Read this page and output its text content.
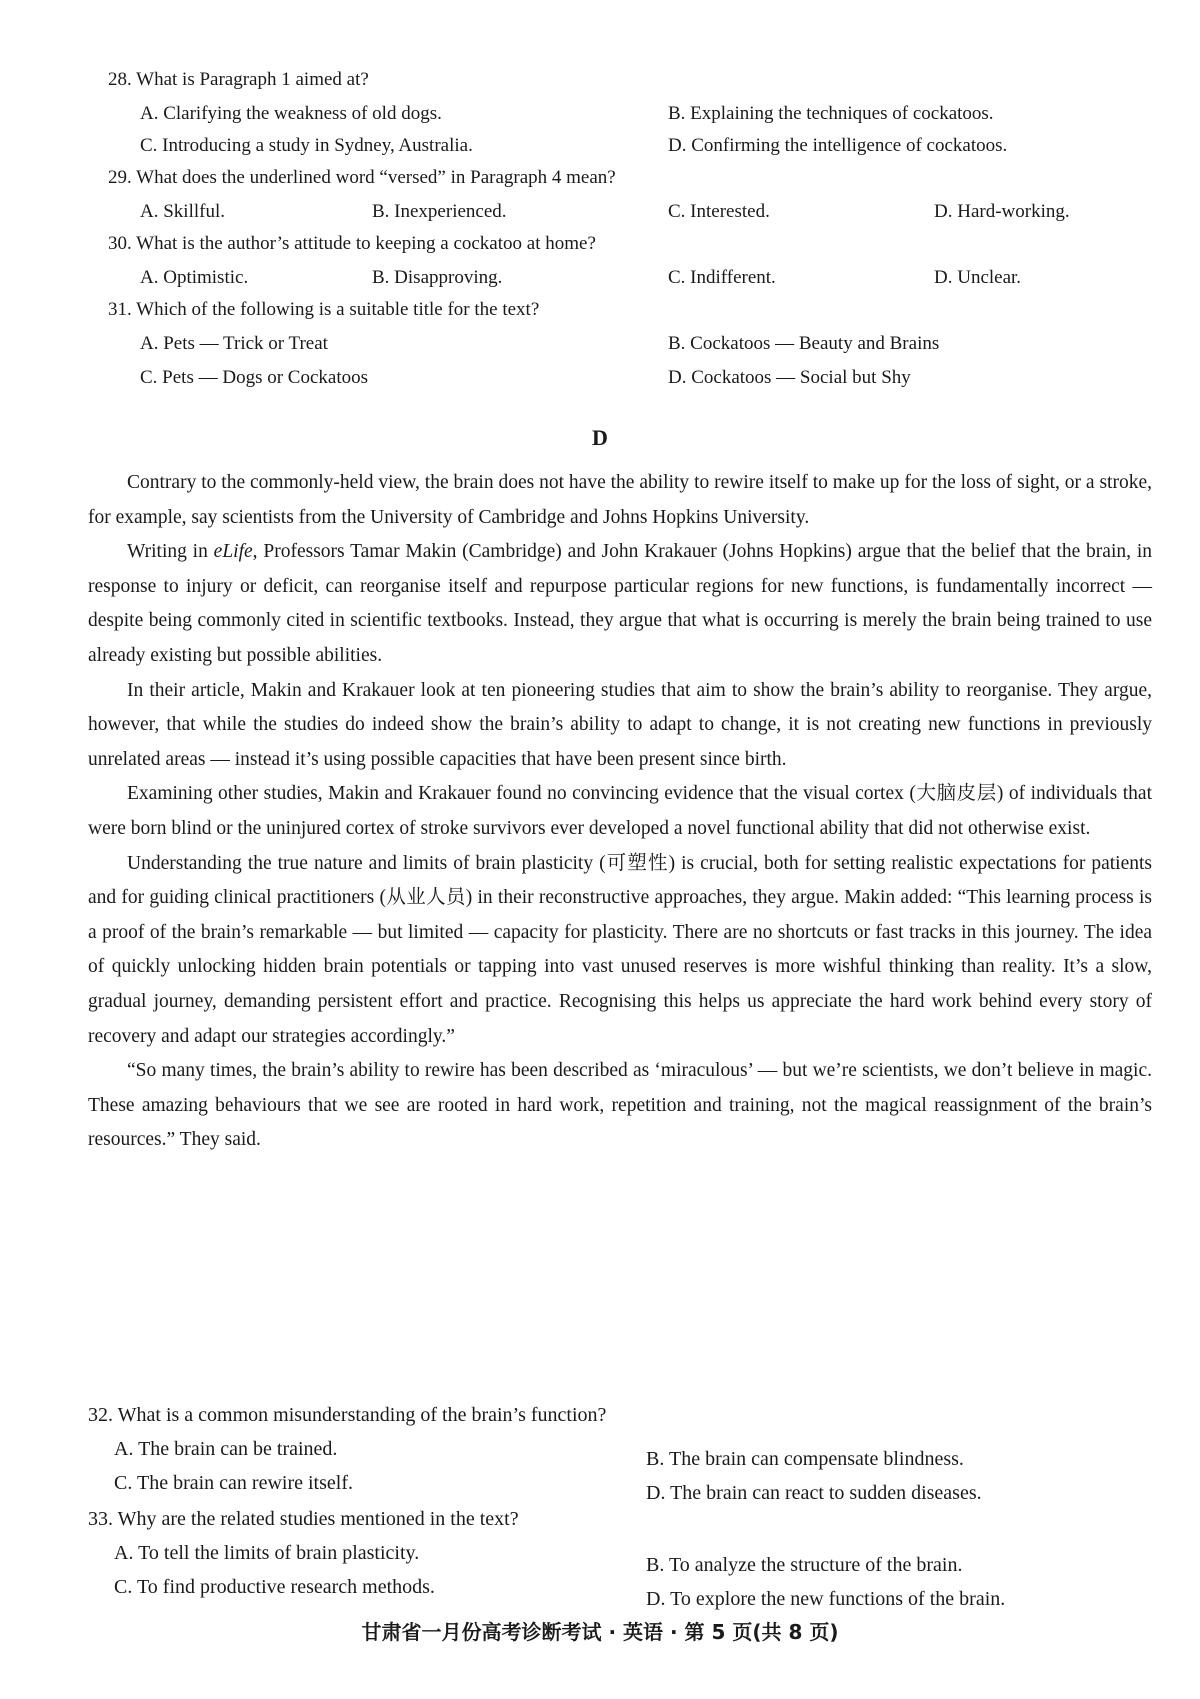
28. What is Paragraph 1 aimed at?
A. Clarifying the weakness of old dogs.	B. Explaining the techniques of cockatoos.
C. Introducing a study in Sydney, Australia.	D. Confirming the intelligence of cockatoos.
29. What does the underlined word “versed” in Paragraph 4 mean?
A. Skillful.	B. Inexperienced.	C. Interested.	D. Hard-working.
30. What is the author’s attitude to keeping a cockatoo at home?
A. Optimistic.	B. Disapproving.	C. Indifferent.	D. Unclear.
31. Which of the following is a suitable title for the text?
A. Pets — Trick or Treat	B. Cockatoos — Beauty and Brains
C. Pets — Dogs or Cockatoos	D. Cockatoos — Social but Shy
D

Contrary to the commonly-held view, the brain does not have the ability to rewire itself to make up for the loss of sight, or a stroke, for example, say scientists from the University of Cambridge and Johns Hopkins University.

Writing in eLife, Professors Tamar Makin (Cambridge) and John Krakauer (Johns Hopkins) argue that the belief that the brain, in response to injury or deficit, can reorganise itself and repurpose particular regions for new functions, is fundamentally incorrect — despite being commonly cited in scientific textbooks. Instead, they argue that what is occurring is merely the brain being trained to use already existing but possible abilities.

In their article, Makin and Krakauer look at ten pioneering studies that aim to show the brain’s ability to reorganise. They argue, however, that while the studies do indeed show the brain’s ability to adapt to change, it is not creating new functions in previously unrelated areas — instead it’s using possible capacities that have been present since birth.

Examining other studies, Makin and Krakauer found no convincing evidence that the visual cortex (大脑皮层) of individuals that were born blind or the uninjured cortex of stroke survivors ever developed a novel functional ability that did not otherwise exist.

Understanding the true nature and limits of brain plasticity (可塑性) is crucial, both for setting realistic expectations for patients and for guiding clinical practitioners (从业人员) in their reconstructive approaches, they argue. Makin added: “This learning process is a proof of the brain’s remarkable — but limited — capacity for plasticity. There are no shortcuts or fast tracks in this journey. The idea of quickly unlocking hidden brain potentials or tapping into vast unused reserves is more wishful thinking than reality. It’s a slow, gradual journey, demanding persistent effort and practice. Recognising this helps us appreciate the hard work behind every story of recovery and adapt our strategies accordingly.”

“So many times, the brain’s ability to rewire has been described as ‘miraculous’ — but we’re scientists, we don’t believe in magic. These amazing behaviours that we see are rooted in hard work, repetition and training, not the magical reassignment of the brain’s resources.” They said.

32. What is a common misunderstanding of the brain’s function?
A. The brain can be trained.	B. The brain can compensate blindness.
C. The brain can rewire itself.	D. The brain can react to sudden diseases.
33. Why are the related studies mentioned in the text?
A. To tell the limits of brain plasticity.
B. To analyze the structure of the brain.
C. To find productive research methods.
D. To explore the new functions of the brain.
甘肃省一月份高考诊断考试 · 英语 · 第 5 页(共 8 页)
